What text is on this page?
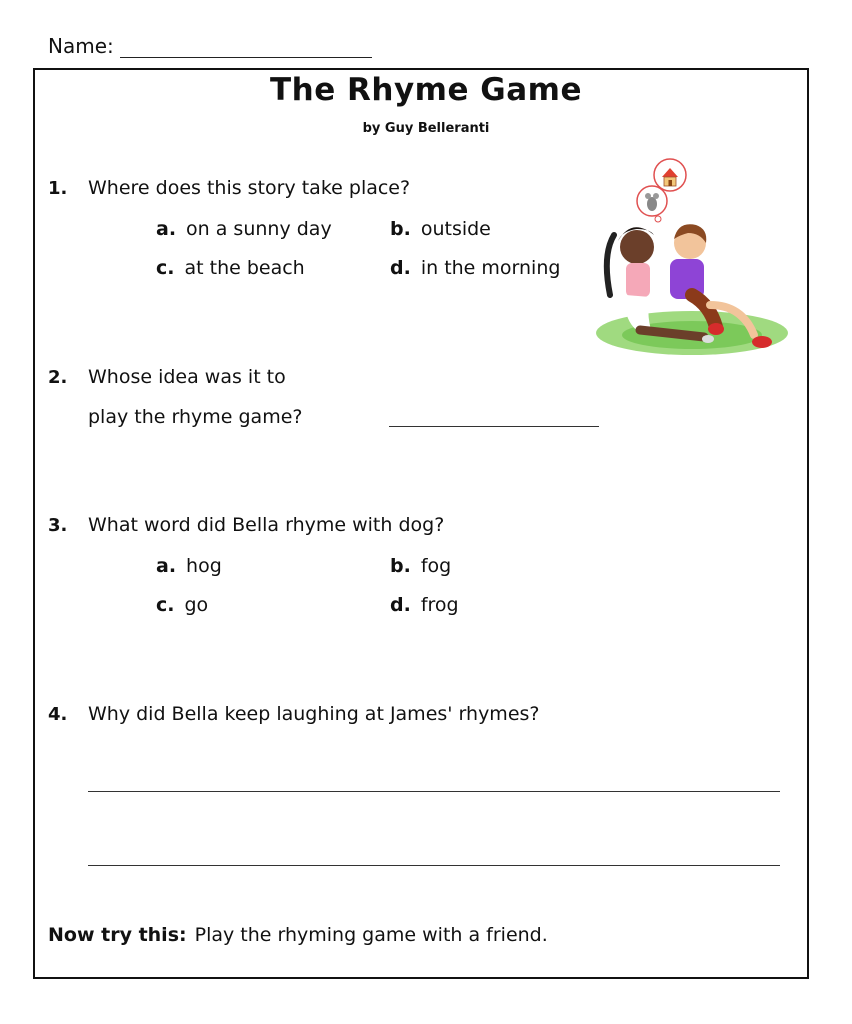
Name:
The Rhyme Game
by Guy Belleranti
1. Where does this story take place?
a. on a sunny day	b. outside
c. at the beach	d. in the morning
2. Whose idea was it to
play the rhyme game?
3. What word did Bella rhyme with dog?
a. hog	b. fog
c. go	d. frog
4. Why did Bella keep laughing at James' rhymes?
Now try this: Play the rhyming game with a friend.
